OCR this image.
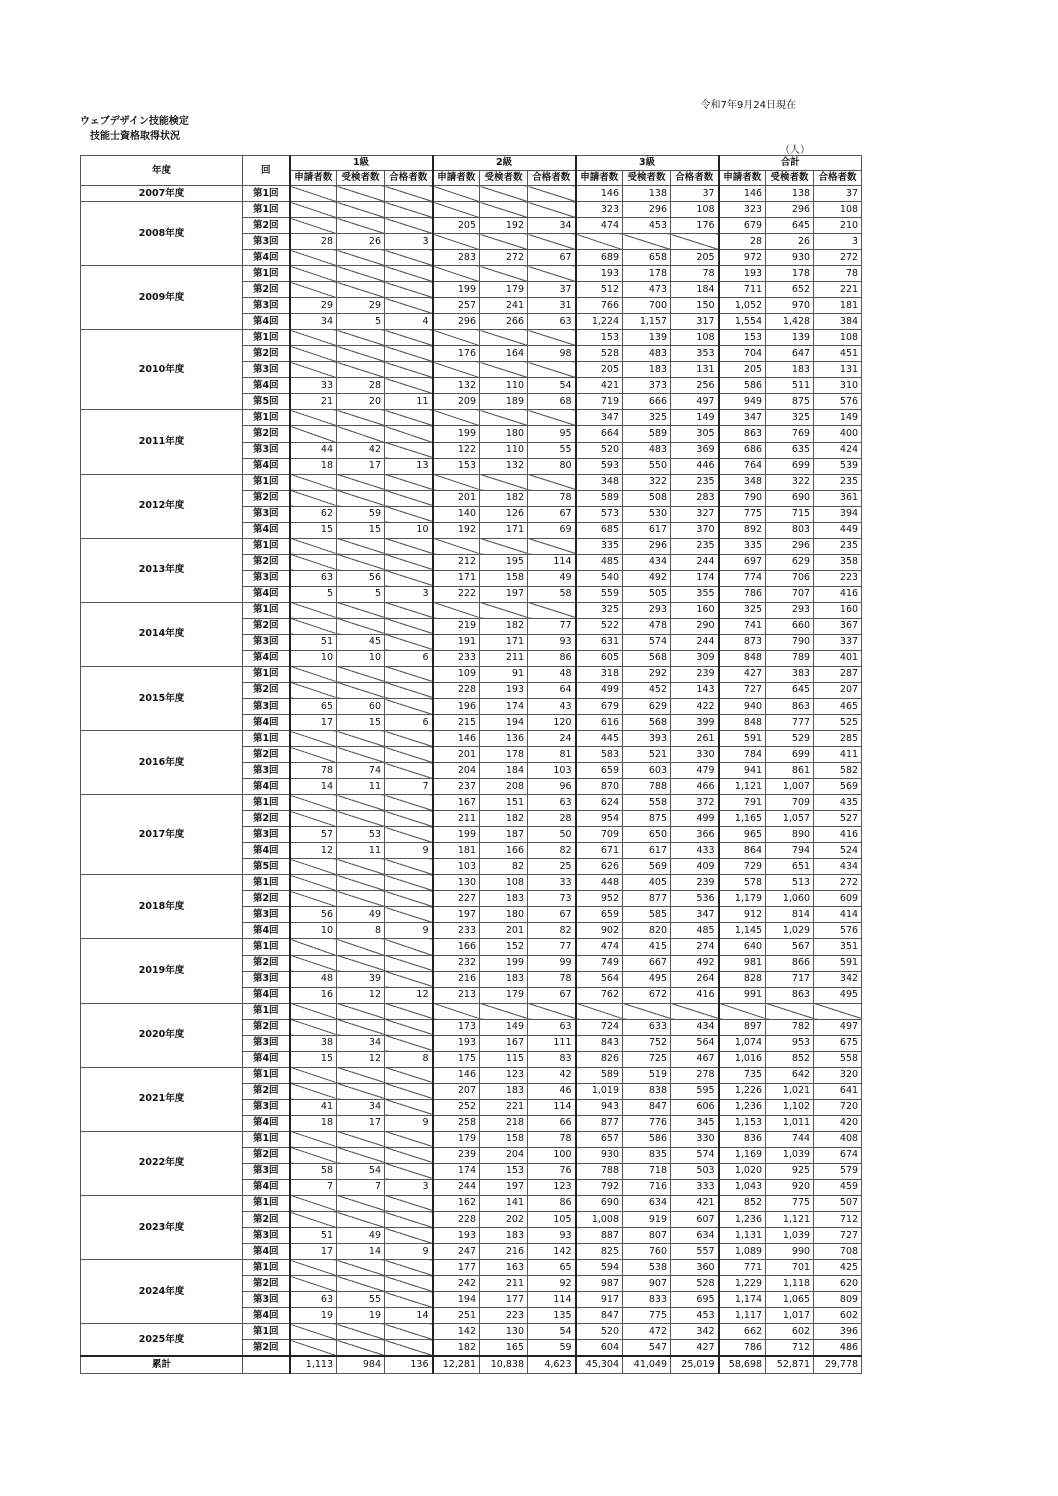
令和7年9月24日現在
ウェブデザイン技能検定
技能士資格取得状況
（人）
年度	回	1級			2級			3級			合計		
		申請者数	受検者数	合格者数	申請者数	受検者数	合格者数	申請者数	受検者数	合格者数	申請者数	受検者数	合格者数
2007年度	第1回							146	138	37	146	138	37
2008年度	第1回							323	296	108	323	296	108
	第2回				205	192	34	474	453	176	679	645	210
	第3回	28	26	3							28	26	3
	第4回				283	272	67	689	658	205	972	930	272
2009年度	第1回							193	178	78	193	178	78
	第2回				199	179	37	512	473	184	711	652	221
	第3回	29	29		257	241	31	766	700	150	1,052	970	181
	第4回	34	5	4	296	266	63	1,224	1,157	317	1,554	1,428	384
2010年度	第1回							153	139	108	153	139	108
	第2回				176	164	98	528	483	353	704	647	451
	第3回							205	183	131	205	183	131
	第4回	33	28		132	110	54	421	373	256	586	511	310
	第5回	21	20	11	209	189	68	719	666	497	949	875	576
2011年度	第1回							347	325	149	347	325	149
	第2回				199	180	95	664	589	305	863	769	400
	第3回	44	42		122	110	55	520	483	369	686	635	424
	第4回	18	17	13	153	132	80	593	550	446	764	699	539
2012年度	第1回							348	322	235	348	322	235
	第2回				201	182	78	589	508	283	790	690	361
	第3回	62	59		140	126	67	573	530	327	775	715	394
	第4回	15	15	10	192	171	69	685	617	370	892	803	449
2013年度	第1回							335	296	235	335	296	235
	第2回				212	195	114	485	434	244	697	629	358
	第3回	63	56		171	158	49	540	492	174	774	706	223
	第4回	5	5	3	222	197	58	559	505	355	786	707	416
2014年度	第1回							325	293	160	325	293	160
	第2回				219	182	77	522	478	290	741	660	367
	第3回	51	45		191	171	93	631	574	244	873	790	337
	第4回	10	10	6	233	211	86	605	568	309	848	789	401
2015年度	第1回				109	91	48	318	292	239	427	383	287
	第2回				228	193	64	499	452	143	727	645	207
	第3回	65	60		196	174	43	679	629	422	940	863	465
	第4回	17	15	6	215	194	120	616	568	399	848	777	525
2016年度	第1回				146	136	24	445	393	261	591	529	285
	第2回				201	178	81	583	521	330	784	699	411
	第3回	78	74		204	184	103	659	603	479	941	861	582
	第4回	14	11	7	237	208	96	870	788	466	1,121	1,007	569
2017年度	第1回				167	151	63	624	558	372	791	709	435
	第2回				211	182	28	954	875	499	1,165	1,057	527
	第3回	57	53		199	187	50	709	650	366	965	890	416
	第4回	12	11	9	181	166	82	671	617	433	864	794	524
	第5回				103	82	25	626	569	409	729	651	434
2018年度	第1回				130	108	33	448	405	239	578	513	272
	第2回				227	183	73	952	877	536	1,179	1,060	609
	第3回	56	49		197	180	67	659	585	347	912	814	414
	第4回	10	8	9	233	201	82	902	820	485	1,145	1,029	576
2019年度	第1回				166	152	77	474	415	274	640	567	351
	第2回				232	199	99	749	667	492	981	866	591
	第3回	48	39		216	183	78	564	495	264	828	717	342
	第4回	16	12	12	213	179	67	762	672	416	991	863	495
2020年度	第1回												
	第2回				173	149	63	724	633	434	897	782	497
	第3回	38	34		193	167	111	843	752	564	1,074	953	675
	第4回	15	12	8	175	115	83	826	725	467	1,016	852	558
2021年度	第1回				146	123	42	589	519	278	735	642	320
	第2回				207	183	46	1,019	838	595	1,226	1,021	641
	第3回	41	34		252	221	114	943	847	606	1,236	1,102	720
	第4回	18	17	9	258	218	66	877	776	345	1,153	1,011	420
2022年度	第1回				179	158	78	657	586	330	836	744	408
	第2回				239	204	100	930	835	574	1,169	1,039	674
	第3回	58	54		174	153	76	788	718	503	1,020	925	579
	第4回	7	7	3	244	197	123	792	716	333	1,043	920	459
2023年度	第1回				162	141	86	690	634	421	852	775	507
	第2回				228	202	105	1,008	919	607	1,236	1,121	712
	第3回	51	49		193	183	93	887	807	634	1,131	1,039	727
	第4回	17	14	9	247	216	142	825	760	557	1,089	990	708
2024年度	第1回				177	163	65	594	538	360	771	701	425
	第2回				242	211	92	987	907	528	1,229	1,118	620
	第3回	63	55		194	177	114	917	833	695	1,174	1,065	809
	第4回	19	19	14	251	223	135	847	775	453	1,117	1,017	602
2025年度	第1回				142	130	54	520	472	342	662	602	396
	第2回				182	165	59	604	547	427	786	712	486
累計		1,113	984	136	12,281	10,838	4,623	45,304	41,049	25,019	58,698	52,871	29,778
